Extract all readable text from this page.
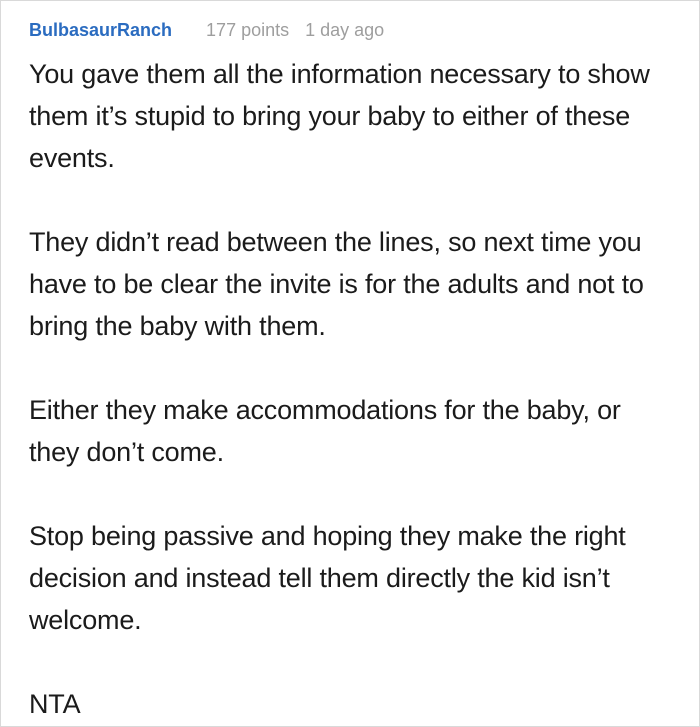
BulbasaurRanch 177 points 1 day ago

You gave them all the information necessary to show them it’s stupid to bring your baby to either of these events.

They didn’t read between the lines, so next time you have to be clear the invite is for the adults and not to bring the baby with them.

Either they make accommodations for the baby, or they don’t come.

Stop being passive and hoping they make the right decision and instead tell them directly the kid isn’t welcome.

NTA
